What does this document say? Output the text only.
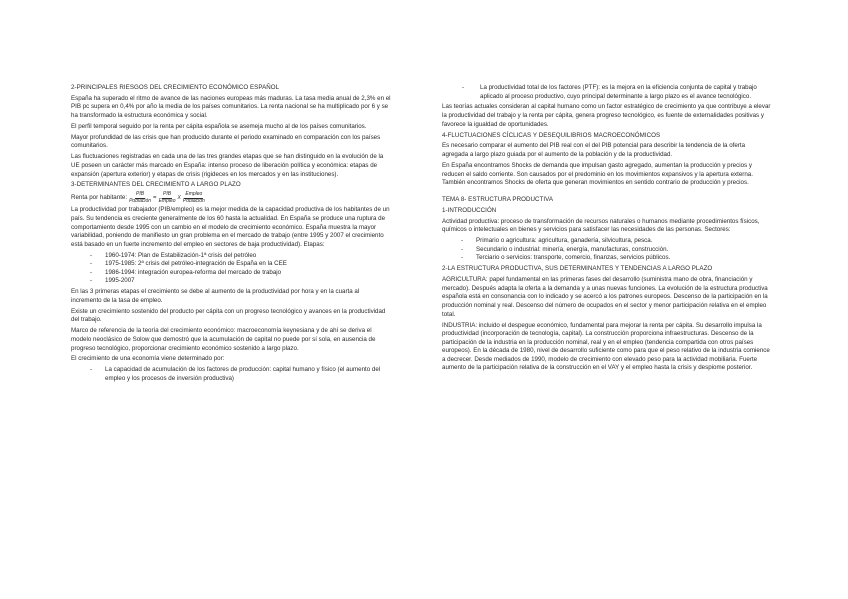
2-PRINCIPALES RIESGOS DEL CRECIMIENTO ECONÓMICO ESPAÑOL

España ha superado el ritmo de avance de las naciones europeas más maduras. La tasa media anual de 2,3% en el PIB pc supera en 0,4% por año la media de los países comunitarios. La renta nacional se ha multiplicado por 6 y se ha transformado la estructura económica y social.

El perfil temporal seguido por la renta per cápita española se asemeja mucho al de los países comunitarios.

Mayor profundidad de las crisis que han producido durante el periodo examinado en comparación con los países comunitarios.

Las fluctuaciones registradas en cada una de las tres grandes etapas que se han distinguido en la evolución de la UE poseen un carácter más marcado en España: intenso proceso de liberación política y económica: etapas de expansión (apertura exterior) y etapas de crisis (rigideces en los mercados y en las instituciones).

3-DETERMINANTES DEL CRECIMIENTO A LARGO PLAZO

Renta por habitante: $\frac{\text{PIB}}{\text{Población}} = \frac{\text{PIB}}{\text{Empleo}}$ X $\frac{\text{Empleo}}{\text{Población}}$

La productividad por trabajador (PIB/empleo) es la mejor medida de la capacidad productiva de los habitantes de un país. Su tendencia es creciente generalmente de los 60 hasta la actualidad. En España se produce una ruptura de comportamiento desde 1995 con un cambio en el modelo de crecimiento económico. España muestra la mayor variabilidad, poniendo de manifiesto un gran problema en el mercado de trabajo (entre 1995 y 2007 el crecimiento está basado en un fuerte incremento del empleo en sectores de baja productividad). Etapas:

- 1960-1974: Plan de Estabilización-1ª crisis del petróleo
- 1975-1985: 2ª crisis del petróleo-integración de España en la CEE
- 1986-1994: integración europea-reforma del mercado de trabajo
- 1995-2007

En las 3 primeras etapas el crecimiento se debe al aumento de la productividad por hora y en la cuarta al incremento de la tasa de empleo.

Existe un crecimiento sostenido del producto per cápita con un progreso tecnológico y avances en la productividad del trabajo.

Marco de referencia de la teoría del crecimiento económico: macroeconomía keynesiana y de ahí se deriva el modelo neoclásico de Solow que demostró que la acumulación de capital no puede por sí sola, en ausencia de progreso tecnológico, proporcionar crecimiento económico sostenido a largo plazo.

El crecimiento de una economía viene determinado por:

- La capacidad de acumulación de los factores de producción: capital humano y físico (el aumento del empleo y los procesos de inversión productiva)
-	La productividad total de los factores (PTF): es la mejora en la eficiencia conjunta de capital y trabajo aplicado al proceso productivo, cuyo principal determinante a largo plazo es el avance tecnológico.

Las teorías actuales consideran al capital humano como un factor estratégico de crecimiento ya que contribuye a elevar la productividad del trabajo y la renta per cápita, genera progreso tecnológico, es fuente de externalidades positivas y favorece la igualdad de oportunidades.

4-FLUCTUACIONES CÍCLICAS Y DESEQUILIBRIOS MACROECONÓMICOS

Es necesario comparar el aumento del PIB real con el del PIB potencial para describir la tendencia de la oferta agregada a largo plazo guiada por el aumento de la población y de la productividad.

En España encontramos Shocks de demanda que impulsan gasto agregado, aumentan la producción y precios y reducen el saldo corriente. Son causados por el predominio en los movimientos expansivos y la apertura externa. También encontramos Shocks de oferta que generan movimientos en sentido contrario de producción y precios.

TEMA 8- ESTRUCTURA PRODUCTIVA

1-INTRODUCCIÓN

Actividad productiva: proceso de transformación de recursos naturales o humanos mediante procedimientos físicos, químicos o intelectuales en bienes y servicios para satisfacer las necesidades de las personas. Sectores:

- Primario o agricultura: agricultura, ganadería, silvicultura, pesca.
- Secundario o industrial: minería, energía, manufacturas, construcción.
- Terciario o servicios: transporte, comercio, finanzas, servicios públicos.

2-LA ESTRUCTURA PRODUCTIVA, SUS DETERMINANTES Y TENDENCIAS A LARGO PLAZO

AGRICULTURA: papel fundamental en las primeras fases del desarrollo (suministra mano de obra, financiación y mercado). Después adapta la oferta a la demanda y a unas nuevas funciones. La evolución de la estructura productiva española está en consonancia con lo indicado y se acercó a los patrones europeos. Descenso de la participación en la producción nominal y real. Descenso del número de ocupados en el sector y menor participación relativa en el empleo total.

INDUSTRIA: incluido el despegue económico, fundamental para mejorar la renta per cápita. Su desarrollo impulsa la productividad (incorporación de tecnología, capital). La construcción proporciona infraestructuras. Descenso de la participación de la industria en la producción nominal, real y en el empleo (tendencia compartida con otros países europeos). En la década de 1980, nivel de desarrollo suficiente como para que el peso relativo de la industria comience a decrecer. Desde mediados de 1990, modelo de crecimiento con elevado peso para la actividad mobiliaria. Fuerte aumento de la participación relativa de la construcción en el VAY y el empleo hasta la crisis y despiome posterior.
